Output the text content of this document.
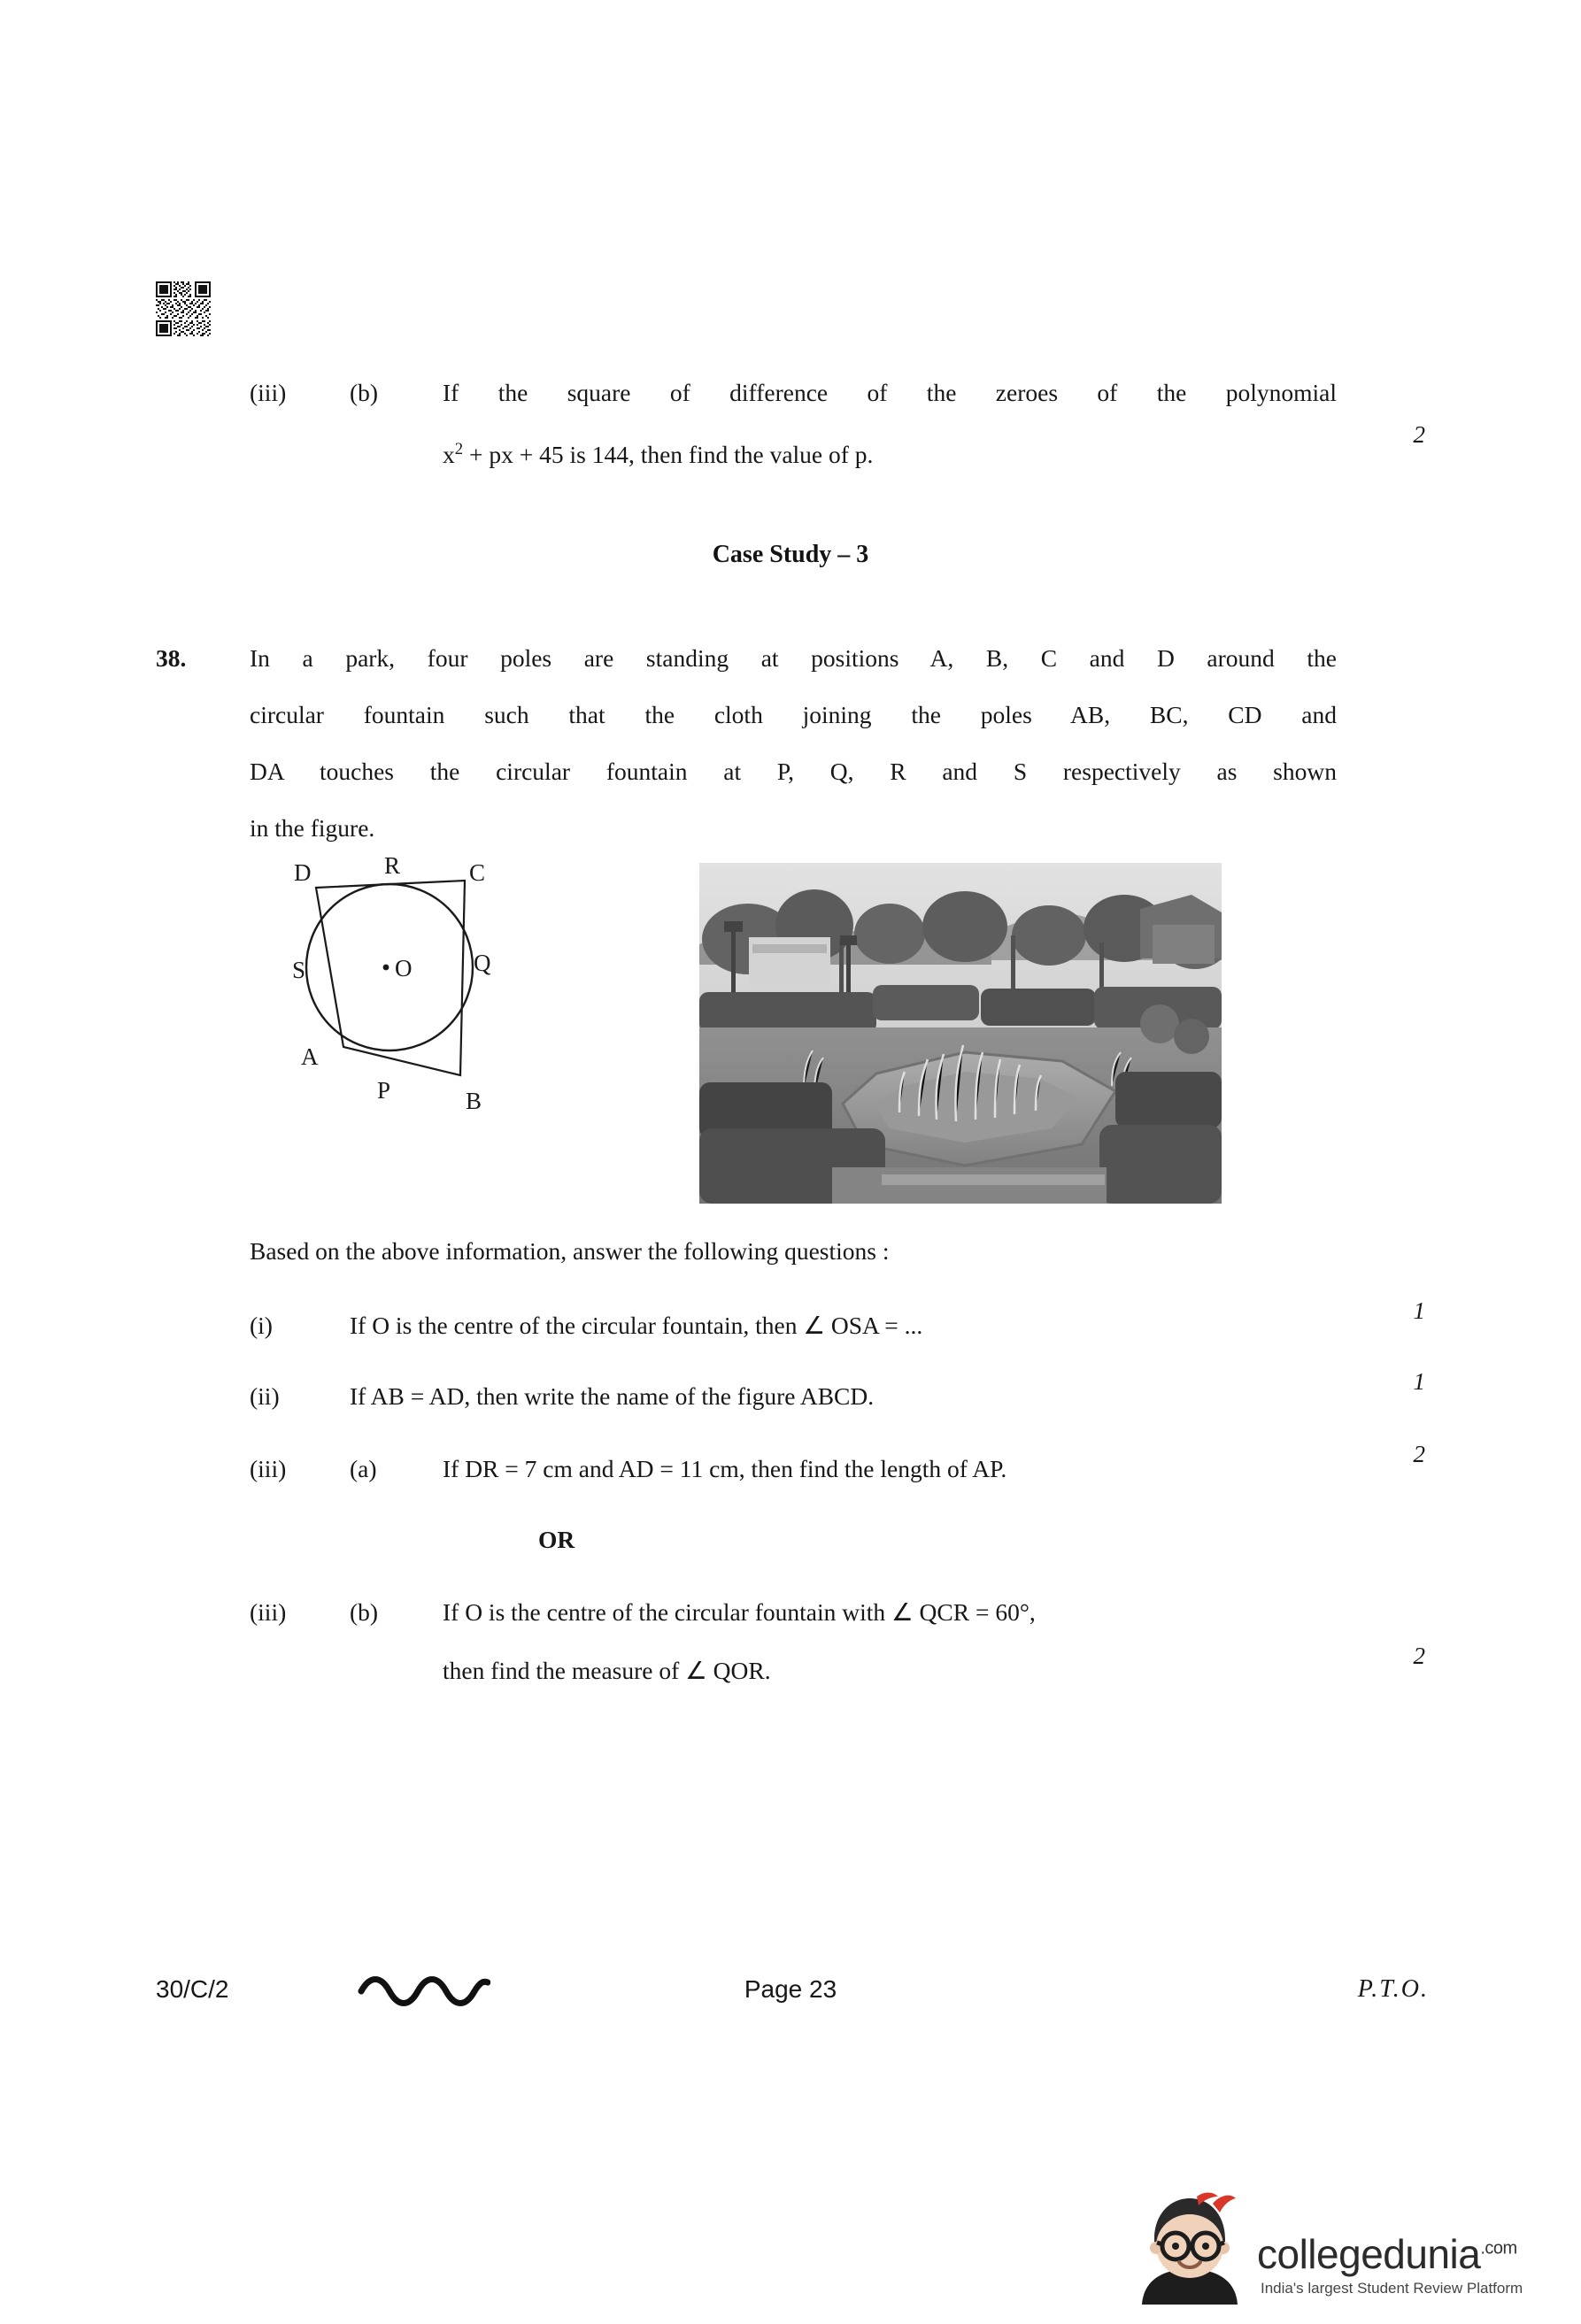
(iii)	(b)	If the square of difference of the zeroes of the polynomial
$x^2$ + px + 45 is 144, then find the value of p.
2
Case Study – 3
38.	In a park, four poles are standing at positions A, B, C and D around the
circular fountain such that the cloth joining the poles AB, BC, CD and
DA touches the circular fountain at P, Q, R and S respectively as shown
in the figure.
D	R	C
S	O	Q
A
P	B
Based on the above information, answer the following questions :
(i)	If O is the centre of the circular fountain, then ∠ OSA = ...
1
(ii)	If AB = AD, then write the name of the figure ABCD.
1
(iii)	(a)	If DR = 7 cm and AD = 11 cm, then find the length of AP.
2
OR
(iii)	(b)	If O is the centre of the circular fountain with ∠ QCR = 60°,
then find the measure of ∠ QOR.
2
30/C/2	Page 23	P.T.O.
collegedunia$^{.com}$
India's largest Student Review Platform
